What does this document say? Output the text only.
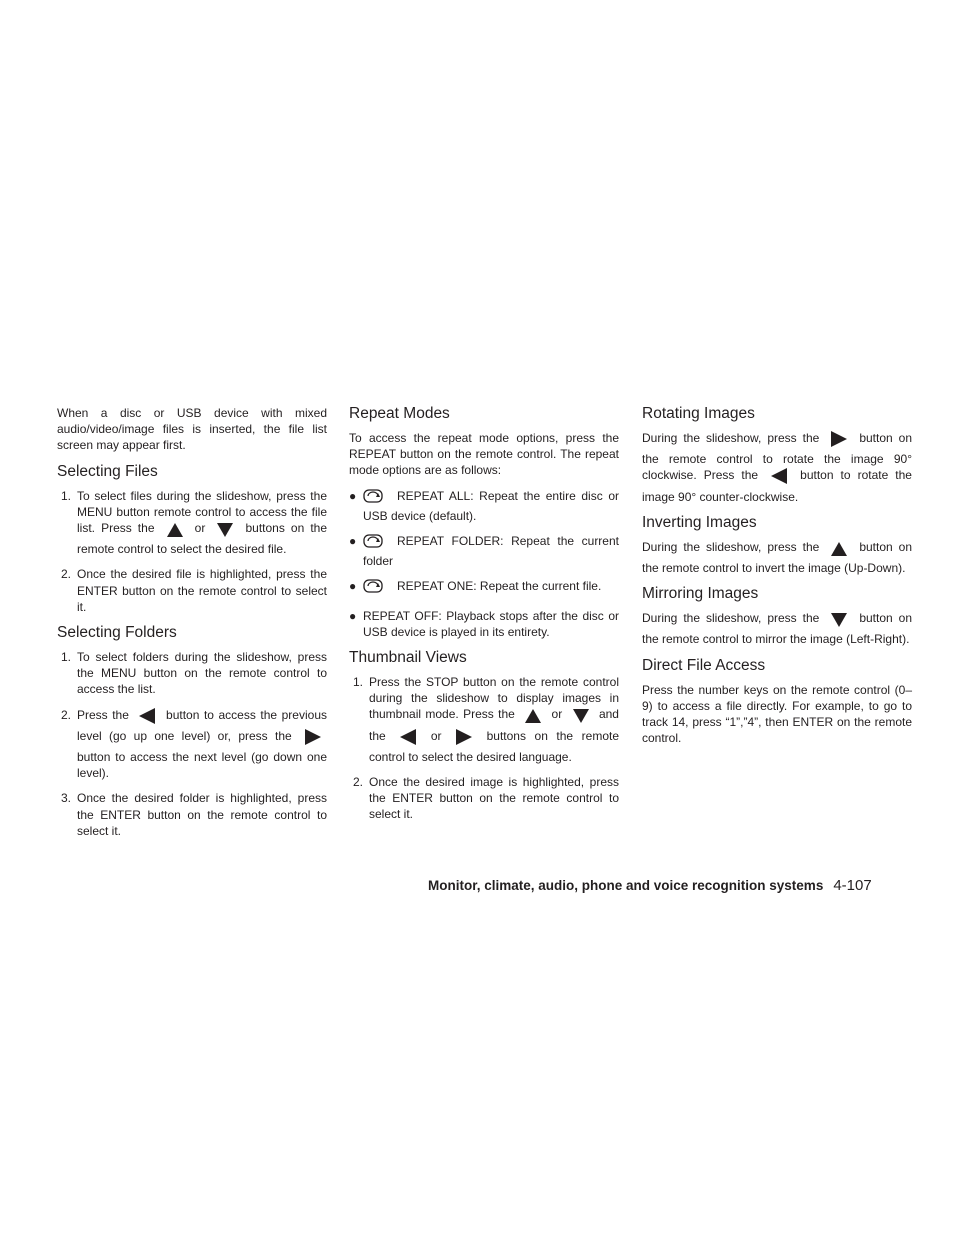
When a disc or USB device with mixed audio/video/image files is inserted, the file list screen may appear first.

Selecting Files
1. To select files during the slideshow, press the MENU button remote control to access the file list. Press the	or	buttons on the remote control to select the desired file.
2. Once the desired file is highlighted, press the ENTER button on the remote control to select it.
Selecting Folders
1. To select folders during the slideshow, press the MENU button on the remote control to access the list.
2. Press the	button to access the previous level (go up one level) or, press the  button to access the next level (go down one level).
3. Once the desired folder is highlighted, press the ENTER button on the remote control to select it.
Repeat Modes

To access the repeat mode options, press the REPEAT button on the remote control. The repeat mode options are as follows:

●	REPEAT ALL: Repeat the entire disc or USB device (default).
●	REPEAT FOLDER: Repeat the current folder
●	REPEAT ONE: Repeat the current file.
● REPEAT OFF: Playback stops after the disc or USB device is played in its entirety.
Thumbnail Views
1. Press the STOP button on the remote control during the slideshow to display images in thumbnail mode. Press the	or	and the	or	buttons on the remote control to select the desired language.
2. Once the desired image is highlighted, press the ENTER button on the remote control to select it.
Rotating Images

During the slideshow, press the	button on the remote control to rotate the image 90° clockwise. Press the	button to rotate the image 90° counter-clockwise.

Inverting Images

During the slideshow, press the	button on the remote control to invert the image (Up-Down).

Mirroring Images

During the slideshow, press the	button on the remote control to mirror the image (Left-Right).

Direct File Access

Press the number keys on the remote control (0–9) to access a file directly. For example, to go to track 14, press “1”,”4”, then ENTER on the remote control.

Monitor, climate, audio, phone and voice recognition systems 4-107
